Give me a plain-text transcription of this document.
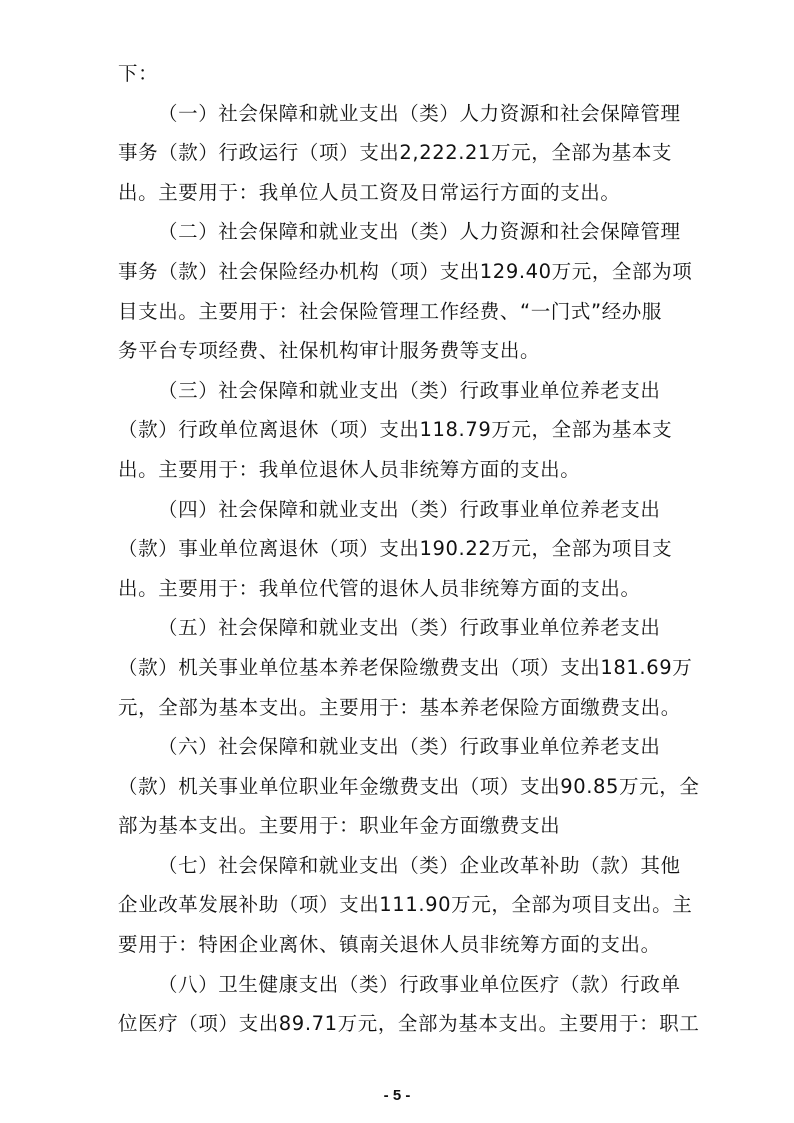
下：
（一）社会保障和就业支出（类）人力资源和社会保障管理
事务（款）行政运行（项）支出2,222.21万元，全部为基本支
出。主要用于：我单位人员工资及日常运行方面的支出。
（二）社会保障和就业支出（类）人力资源和社会保障管理
事务（款）社会保险经办机构（项）支出129.40万元，全部为项
目支出。主要用于：社会保险管理工作经费、“一门式”经办服
务平台专项经费、社保机构审计服务费等支出。
（三）社会保障和就业支出（类）行政事业单位养老支出
（款）行政单位离退休（项）支出118.79万元，全部为基本支
出。主要用于：我单位退休人员非统筹方面的支出。
（四）社会保障和就业支出（类）行政事业单位养老支出
（款）事业单位离退休（项）支出190.22万元，全部为项目支
出。主要用于：我单位代管的退休人员非统筹方面的支出。
（五）社会保障和就业支出（类）行政事业单位养老支出
（款）机关事业单位基本养老保险缴费支出（项）支出181.69万
元，全部为基本支出。主要用于：基本养老保险方面缴费支出。
（六）社会保障和就业支出（类）行政事业单位养老支出
（款）机关事业单位职业年金缴费支出（项）支出90.85万元，全
部为基本支出。主要用于：职业年金方面缴费支出
（七）社会保障和就业支出（类）企业改革补助（款）其他
企业改革发展补助（项）支出111.90万元，全部为项目支出。主
要用于：特困企业离休、镇南关退休人员非统筹方面的支出。
（八）卫生健康支出（类）行政事业单位医疗（款）行政单
位医疗（项）支出89.71万元，全部为基本支出。主要用于：职工
- 5 -
